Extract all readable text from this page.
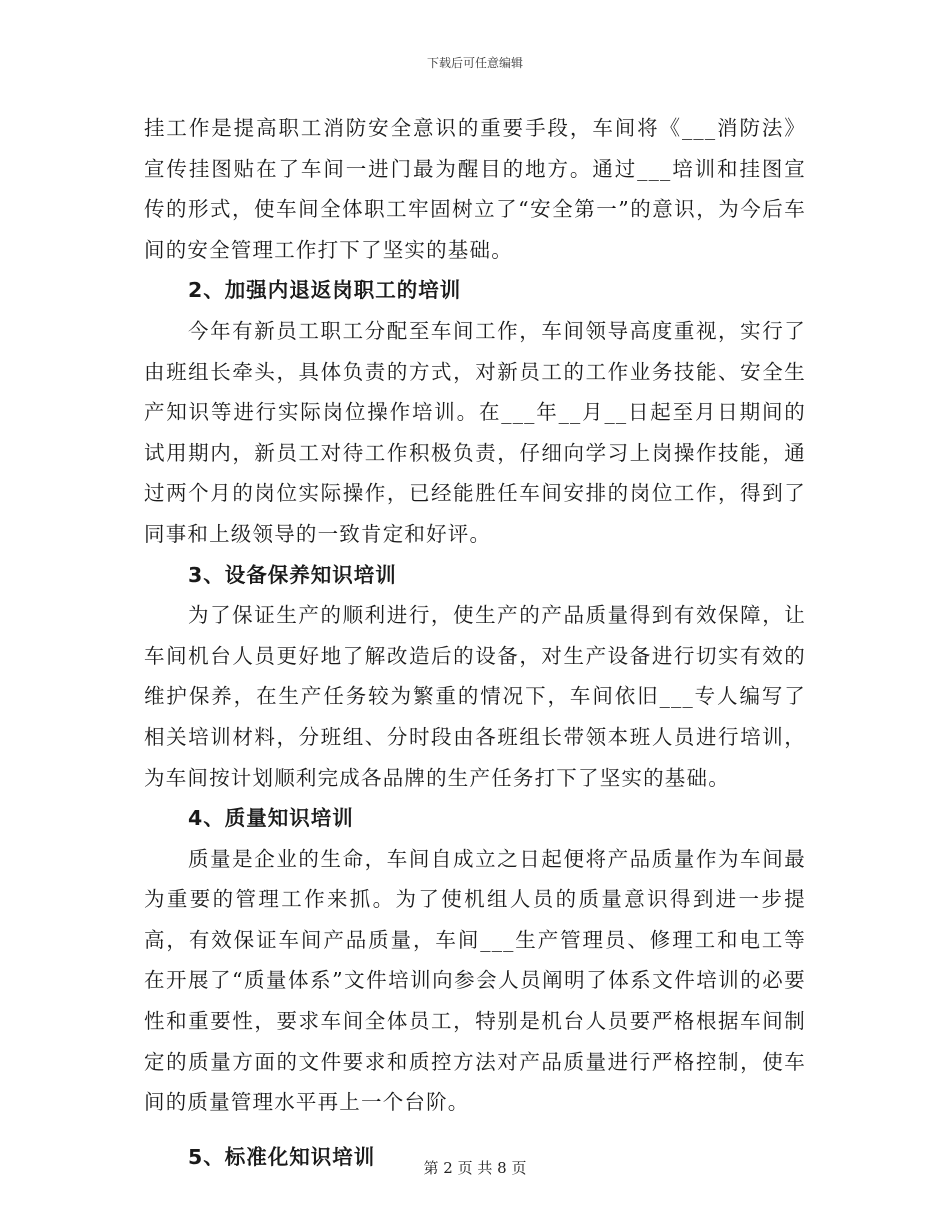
下载后可任意编辑

挂工作是提高职工消防安全意识的重要手段，车间将《___消防法》宣传挂图贴在了车间一进门最为醒目的地方。通过___培训和挂图宣传的形式，使车间全体职工牢固树立了“安全第一”的意识，为今后车间的安全管理工作打下了坚实的基础。

2、加强内退返岗职工的培训

今年有新员工职工分配至车间工作，车间领导高度重视，实行了由班组长牵头，具体负责的方式，对新员工的工作业务技能、安全生产知识等进行实际岗位操作培训。在___年__月__日起至月日期间的试用期内，新员工对待工作积极负责，仔细向学习上岗操作技能，通过两个月的岗位实际操作，已经能胜任车间安排的岗位工作，得到了同事和上级领导的一致肯定和好评。

3、设备保养知识培训

为了保证生产的顺利进行，使生产的产品质量得到有效保障，让车间机台人员更好地了解改造后的设备，对生产设备进行切实有效的维护保养，在生产任务较为繁重的情况下，车间依旧___专人编写了相关培训材料，分班组、分时段由各班组长带领本班人员进行培训，为车间按计划顺利完成各品牌的生产任务打下了坚实的基础。

4、质量知识培训

质量是企业的生命，车间自成立之日起便将产品质量作为车间最为重要的管理工作来抓。为了使机组人员的质量意识得到进一步提高，有效保证车间产品质量，车间___生产管理员、修理工和电工等在开展了“质量体系”文件培训向参会人员阐明了体系文件培训的必要性和重要性，要求车间全体员工，特别是机台人员要严格根据车间制定的质量方面的文件要求和质控方法对产品质量进行严格控制，使车间的质量管理水平再上一个台阶。

5、标准化知识培训	第 2 页 共 8 页
